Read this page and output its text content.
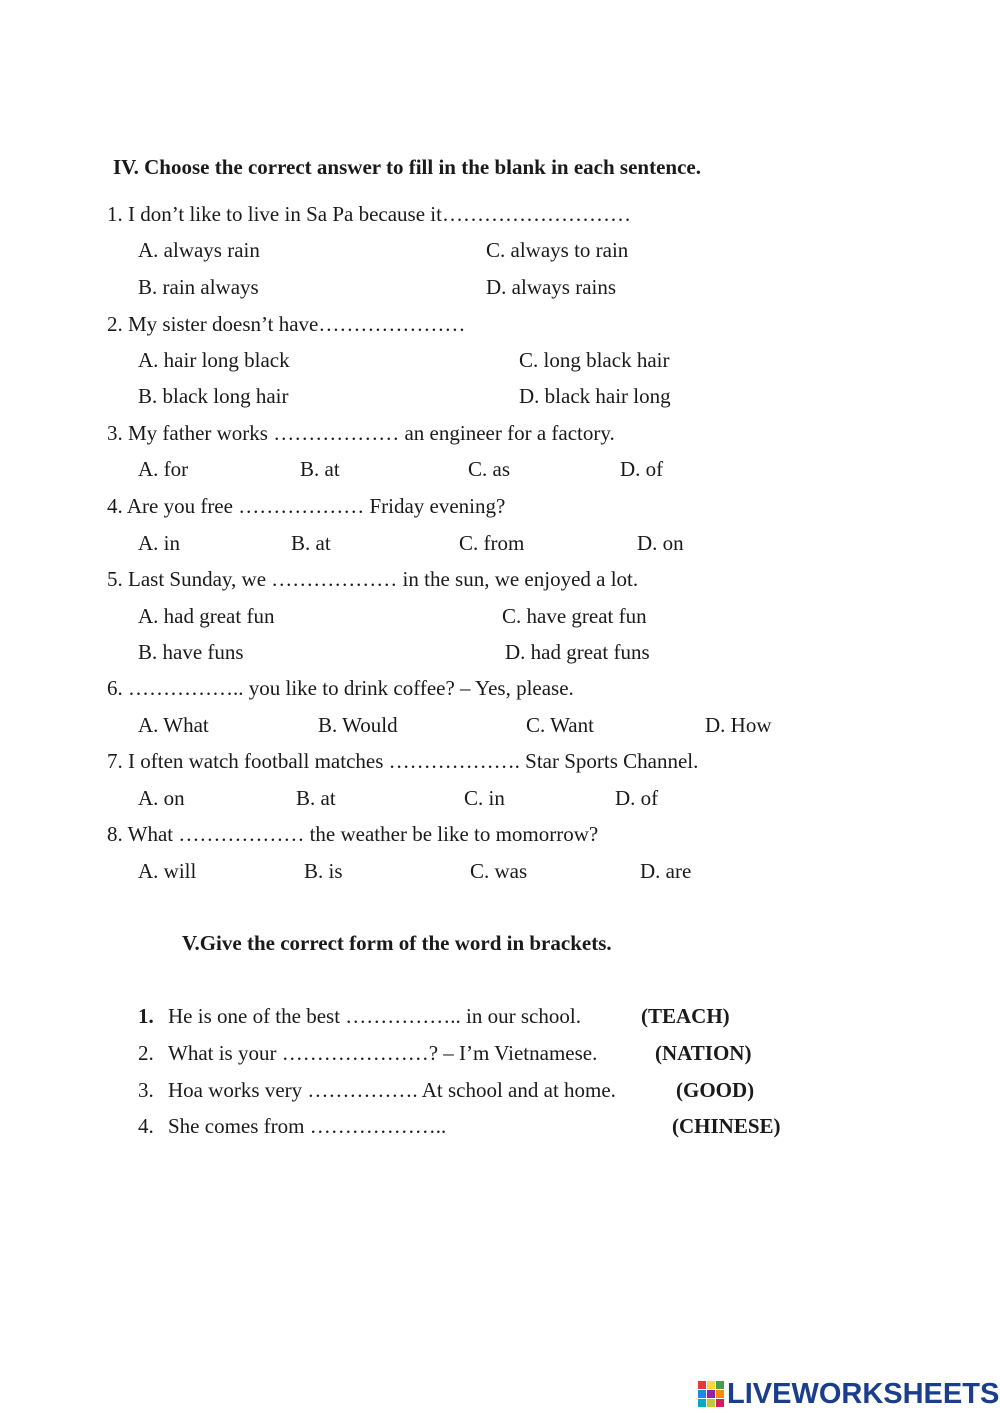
IV. Choose the correct answer to fill in the blank in each sentence.
1. I don’t like to live in Sa Pa because it………………………
A. always rain	C. always to rain
B. rain always	D. always rains
2. My sister doesn’t have…………………
A. hair long black	C. long black hair
B. black long hair	D. black hair long
3. My father works ……………… an engineer for a factory.
A. for	B. at	C. as	D. of
4. Are you free ……………… Friday evening?
A. in	B. at	C. from	D. on
5. Last Sunday, we ……………… in the sun, we enjoyed a lot.
A. had great fun	C. have great fun
B. have funs	D. had great funs
6. …………….. you like to drink coffee? – Yes, please.
A. What	B. Would	C. Want	D. How
7. I often watch football matches ………………. Star Sports Channel.
A. on	B. at	C. in	D. of
8. What ……………… the weather be like to momorrow?
A. will	B. is	C. was	D. are
V.Give the correct form of the word in brackets.
1. He is one of the best …………….. in our school.	(TEACH)
2. What is your …………………? – I’m Vietnamese.	(NATION)
3. Hoa works very ……………. At school and at home.	(GOOD)
4. She comes from ………………..	(CHINESE)
LIVEWORKSHEETS
